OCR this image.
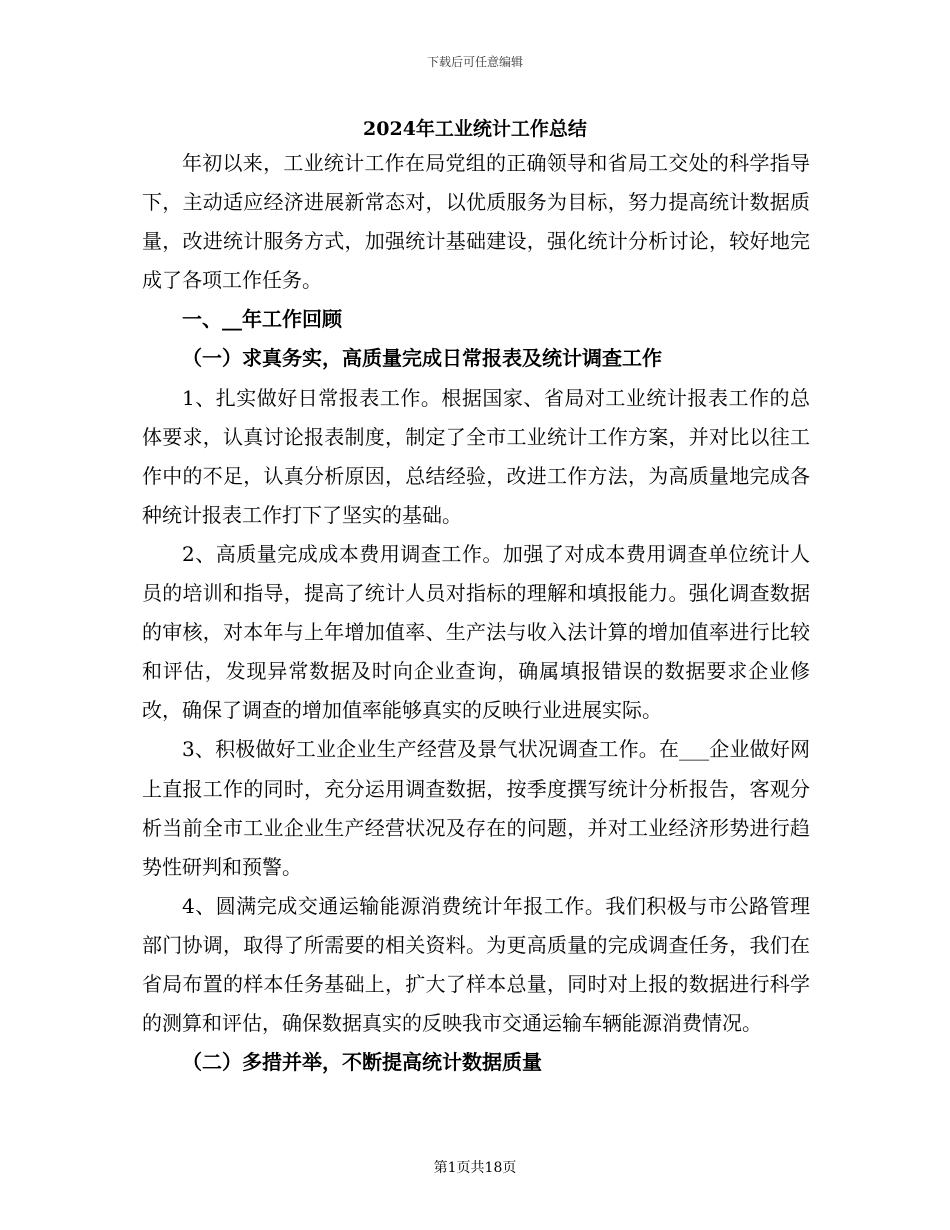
下载后可任意编辑
2024年工业统计工作总结

年初以来，工业统计工作在局党组的正确领导和省局工交处的科学指导下，主动适应经济进展新常态对，以优质服务为目标，努力提高统计数据质量，改进统计服务方式，加强统计基础建设，强化统计分析讨论，较好地完成了各项工作任务。

一、__年工作回顾
（一）求真务实，高质量完成日常报表及统计调查工作

1、扎实做好日常报表工作。根据国家、省局对工业统计报表工作的总体要求，认真讨论报表制度，制定了全市工业统计工作方案，并对比以往工作中的不足，认真分析原因，总结经验，改进工作方法，为高质量地完成各种统计报表工作打下了坚实的基础。

2、高质量完成成本费用调查工作。加强了对成本费用调查单位统计人员的培训和指导，提高了统计人员对指标的理解和填报能力。强化调查数据的审核，对本年与上年增加值率、生产法与收入法计算的增加值率进行比较和评估，发现异常数据及时向企业查询，确属填报错误的数据要求企业修改，确保了调查的增加值率能够真实的反映行业进展实际。

3、积极做好工业企业生产经营及景气状况调查工作。在___企业做好网上直报工作的同时，充分运用调查数据，按季度撰写统计分析报告，客观分析当前全市工业企业生产经营状况及存在的问题，并对工业经济形势进行趋势性研判和预警。

4、圆满完成交通运输能源消费统计年报工作。我们积极与市公路管理部门协调，取得了所需要的相关资料。为更高质量的完成调查任务，我们在省局布置的样本任务基础上，扩大了样本总量，同时对上报的数据进行科学的测算和评估，确保数据真实的反映我市交通运输车辆能源消费情况。

（二）多措并举，不断提高统计数据质量
第1页共18页
